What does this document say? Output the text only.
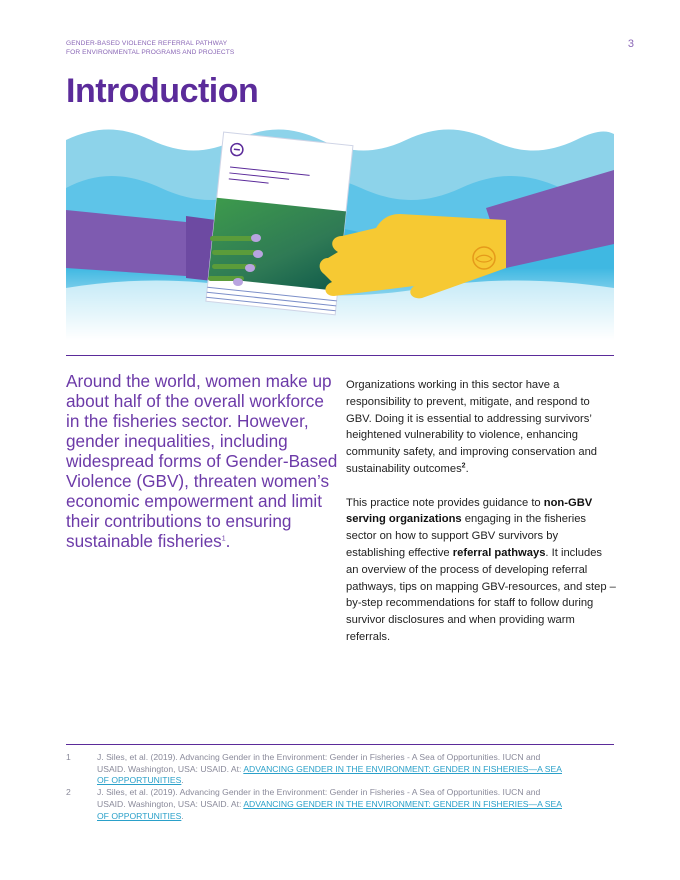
GENDER-BASED VIOLENCE REFERRAL PATHWAY
FOR ENVIRONMENTAL PROGRAMS AND PROJECTS
3
Introduction

Around the world, women make up about half of the overall workforce in the fisheries sector. However, gender inequalities, including widespread forms of Gender-Based Violence (GBV), threaten women’s economic empowerment and limit their contributions to ensuring sustainable fisheries$^1$.

Organizations working in this sector have a responsibility to prevent, mitigate, and respond to GBV. Doing it is essential to addressing survivors’ heightened vulnerability to violence, enhancing community safety, and improving conservation and sustainability outcomes$^2$.

This practice note provides guidance to non-GBV serving organizations engaging in the fisheries sector on how to support GBV survivors by establishing effective referral pathways. It includes an overview of the process of developing referral pathways, tips on mapping GBV-resources, and step –by-step recommendations for staff to follow during survivor disclosures and when providing warm referrals.

1	J. Siles, et al. (2019). Advancing Gender in the Environment: Gender in Fisheries - A Sea of Opportunities. IUCN and USAID. Washington, USA: USAID. At: ADVANCING GENDER IN THE ENVIRONMENT: GENDER IN FISHERIES—A SEA OF OPPORTUNITIES.
2	J. Siles, et al. (2019). Advancing Gender in the Environment: Gender in Fisheries - A Sea of Opportunities. IUCN and USAID. Washington, USA: USAID. At: ADVANCING GENDER IN THE ENVIRONMENT: GENDER IN FISHERIES—A SEA OF OPPORTUNITIES.
